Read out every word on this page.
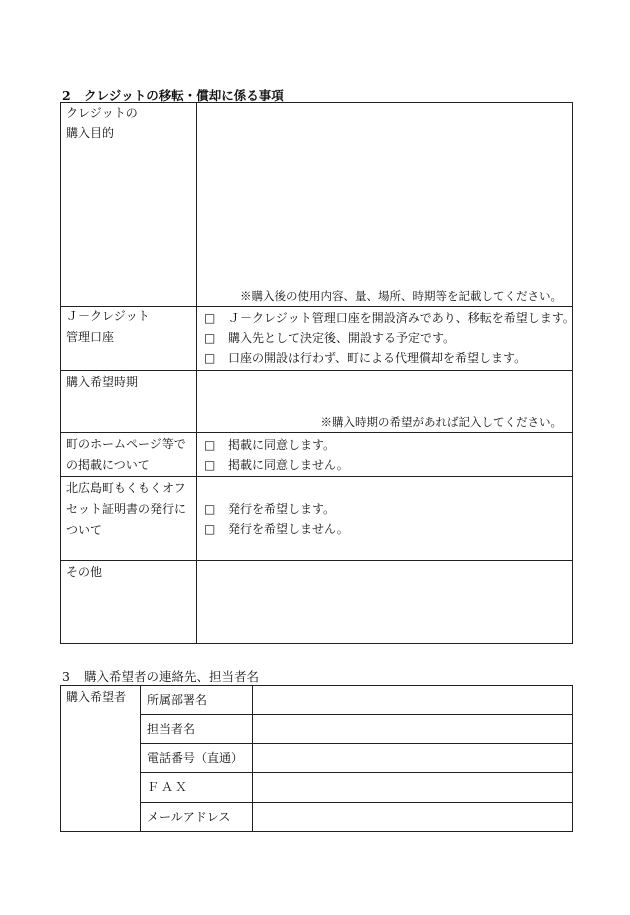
2 クレジットの移転・償却に係る事項
クレジットの
購入目的
※購入後の使用内容、量、場所、時期等を記載してください。
Ｊ－クレジット
管理口座
□ Ｊ－クレジット管理口座を開設済みであり、移転を希望します。
□ 購入先として決定後、開設する予定です。
□ 口座の開設は行わず、町による代理償却を希望します。
購入希望時期
※購入時期の希望があれば記入してください。
町のホームページ等で
の掲載について
□ 掲載に同意します。
□ 掲載に同意しません。
北広島町もくもくオフ
セット証明書の発行に
ついて
□ 発行を希望します。
□ 発行を希望しません。
その他
3 購入希望者の連絡先、担当者名
購入希望者 所属部署名
担当者名
電話番号（直通）
ＦＡＸ
メールアドレス
